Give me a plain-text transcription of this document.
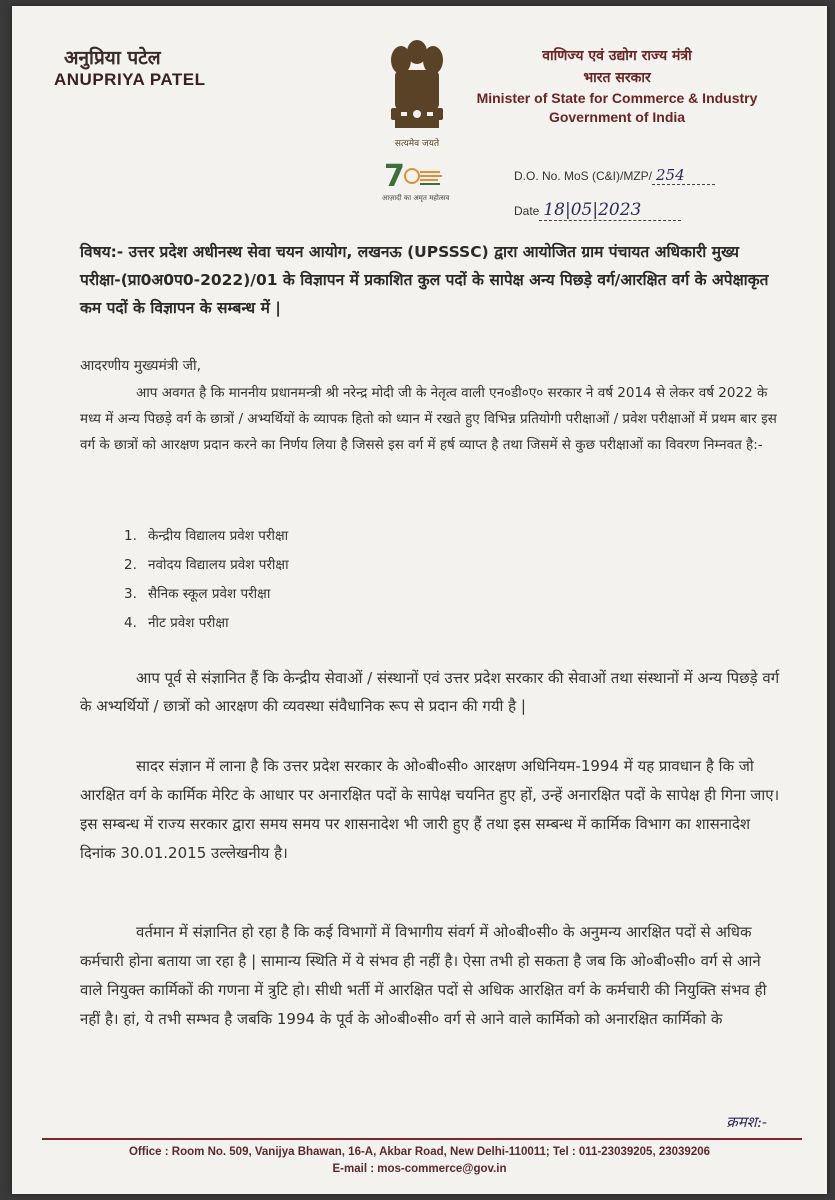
अनुप्रिया पटेल
ANUPRIYA PATEL
सत्यमेव जयते
7
आज़ादी का अमृत महोत्सव
वाणिज्य एवं उद्योग राज्य मंत्री
भारत सरकार
Minister of State for Commerce & Industry
Government of India
D.O. No. MoS (C&I)/MZP/ 254
Date 18|05|2023
विषय:- उत्तर प्रदेश अधीनस्थ सेवा चयन आयोग, लखनऊ (UPSSSC) द्वारा आयोजित ग्राम पंचायत अधिकारी मुख्य परीक्षा-(प्रा0अ0प0-2022)/01 के विज्ञापन में प्रकाशित कुल पदों के सापेक्ष अन्य पिछड़े वर्ग/आरक्षित वर्ग के अपेक्षाकृत कम पदों के विज्ञापन के सम्बन्ध में |
आदरणीय मुख्यमंत्री जी,
आप अवगत है कि माननीय प्रधानमन्त्री श्री नरेन्द्र मोदी जी के नेतृत्व वाली एन०डी०ए० सरकार ने वर्ष 2014 से लेकर वर्ष 2022 के मध्य में अन्य पिछड़े वर्ग के छात्रों / अभ्यर्थियों के व्यापक हितो को ध्यान में रखते हुए विभिन्न प्रतियोगी परीक्षाओं / प्रवेश परीक्षाओं में प्रथम बार इस वर्ग के छात्रों को आरक्षण प्रदान करने का निर्णय लिया है जिससे इस वर्ग में हर्ष व्याप्त है तथा जिसमें से कुछ परीक्षाओं का विवरण निम्नवत है:-
1. केन्द्रीय विद्यालय प्रवेश परीक्षा
2. नवोदय विद्यालय प्रवेश परीक्षा
3. सैनिक स्कूल प्रवेश परीक्षा
4. नीट प्रवेश परीक्षा
आप पूर्व से संज्ञानित हैं कि केन्द्रीय सेवाओं / संस्थानों एवं उत्तर प्रदेश सरकार की सेवाओं तथा संस्थानों में अन्य पिछड़े वर्ग के अभ्यर्थियों / छात्रों को आरक्षण की व्यवस्था संवैधानिक रूप से प्रदान की गयी है |
सादर संज्ञान में लाना है कि उत्तर प्रदेश सरकार के ओ०बी०सी० आरक्षण अधिनियम-1994 में यह प्रावधान है कि जो आरक्षित वर्ग के कार्मिक मेरिट के आधार पर अनारक्षित पदों के सापेक्ष चयनित हुए हों, उन्हें अनारक्षित पदों के सापेक्ष ही गिना जाए। इस सम्बन्ध में राज्य सरकार द्वारा समय समय पर शासनादेश भी जारी हुए हैं तथा इस सम्बन्ध में कार्मिक विभाग का शासनादेश दिनांक 30.01.2015 उल्लेखनीय है।
वर्तमान में संज्ञानित हो रहा है कि कई विभागों में विभागीय संवर्ग में ओ०बी०सी० के अनुमन्य आरक्षित पदों से अधिक कर्मचारी होना बताया जा रहा है | सामान्य स्थिति में ये संभव ही नहीं है। ऐसा तभी हो सकता है जब कि ओ०बी०सी० वर्ग से आने वाले नियुक्त कार्मिकों की गणना में त्रुटि हो। सीधी भर्ती में आरक्षित पदों से अधिक आरक्षित वर्ग के कर्मचारी की नियुक्ति संभव ही नहीं है। हां, ये तभी सम्भव है जबकि 1994 के पूर्व के ओ०बी०सी० वर्ग से आने वाले कार्मिको को अनारक्षित कार्मिको के
क्रमश:-
Office : Room No. 509, Vanijya Bhawan, 16-A, Akbar Road, New Delhi-110011; Tel : 011-23039205, 23039206
E-mail : mos-commerce@gov.in
